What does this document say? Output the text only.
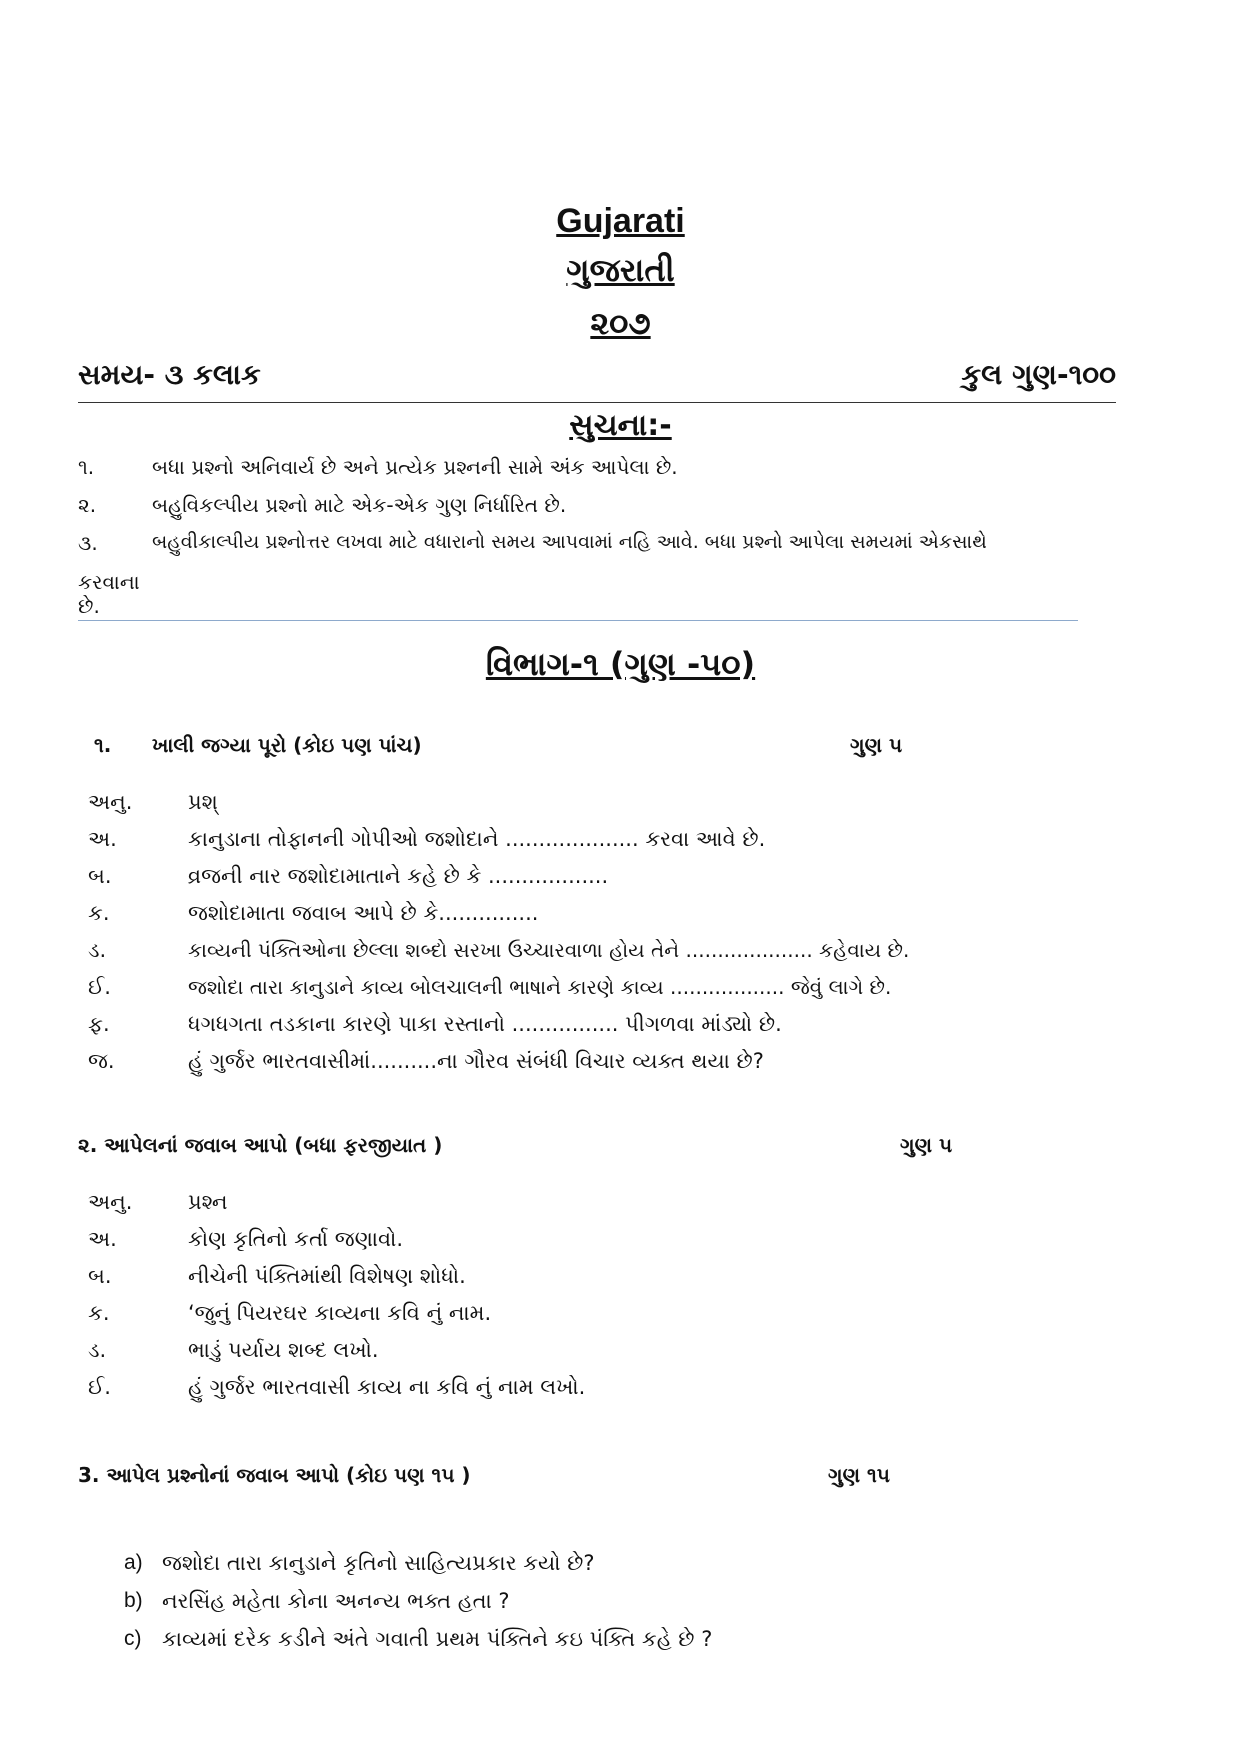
Gujarati
ગુજરાતી
૨૦૭
સમય- ૩ કલાક	કુલ ગુણ-૧૦૦
સુચના:-
૧.	બધા પ્રશ્નો અનિવાર્ય છે અને પ્રત્યેક પ્રશ્નની સામે અંક આપેલા છે.
૨.	બહુવિકલ્પીય પ્રશ્નો માટે એક-એક ગુણ નિર્ધારિત છે.
૩.	બહુવીકાલ્પીય પ્રશ્નોત્તર લખવા માટે વધારાનો સમય આપવામાં નહિ આવે. બધા પ્રશ્નો આપેલા સમયમાં એકસાથે
કરવાના છે.
વિભાગ-૧ (ગુણ -૫૦)
૧. ખાલી જગ્યા પૂરો (કોઇ પણ પાંચ)	ગુણ ૫
અનુ.	પ્રશ્
અ.	કાનુડાના તોફાનની ગોપીઓ જશોદાને .................... કરવા આવે છે.
બ.	વ્રજની નાર જશોદામાતાને કહે છે કે ..................
ક.	જશોદામાતા જવાબ આપે છે કે...............
ડ.	કાવ્યની પંક્તિઓના છેલ્લા શબ્દો સરખા ઉચ્ચારવાળા હોય તેને .................... કહેવાય છે.
ઈ.	જશોદા તારા કાનુડાને કાવ્ય બોલચાલની ભાષાને કારણે કાવ્ય .................. જેવું લાગે છે.
ફ.	ધગધગતા તડકાના કારણે પાકા રસ્તાનો ................ પીગળવા માંડ્યો છે.
જ.	હું ગુર્જર ભારતવાસીમાં..........ના ગૌરવ સંબંધી વિચાર વ્યક્ત થયા છે?
૨. આપેલનાં જવાબ આપો (બધા ફરજીયાત )	ગુણ ૫
અનુ.	પ્રશ્ન
અ.	કોણ કૃતિનો કર્તા જણાવો.
બ.	નીચેની પંક્તિમાંથી વિશેષણ શોધો.
ક.	‘જુનું પિયરઘર કાવ્યના કવિ નું નામ.
ડ.	ભાડું પર્યાય શબ્દ લખો.
ઈ.	હું ગુર્જર ભારતવાસી કાવ્ય ના કવિ નું નામ લખો.
3. આપેલ પ્રશ્નોનાં જવાબ આપો (કોઇ પણ ૧૫ )	ગુણ ૧૫
a) જશોદા તારા કાનુડાને કૃતિનો સાહિત્યપ્રકાર કયો છે?
b) નરસિંહ મહેતા કોના અનન્ય ભક્ત હતા ?
c) કાવ્યમાં દરેક કડીને અંતે ગવાતી પ્રથમ પંક્તિને કઇ પંક્તિ કહે છે ?
